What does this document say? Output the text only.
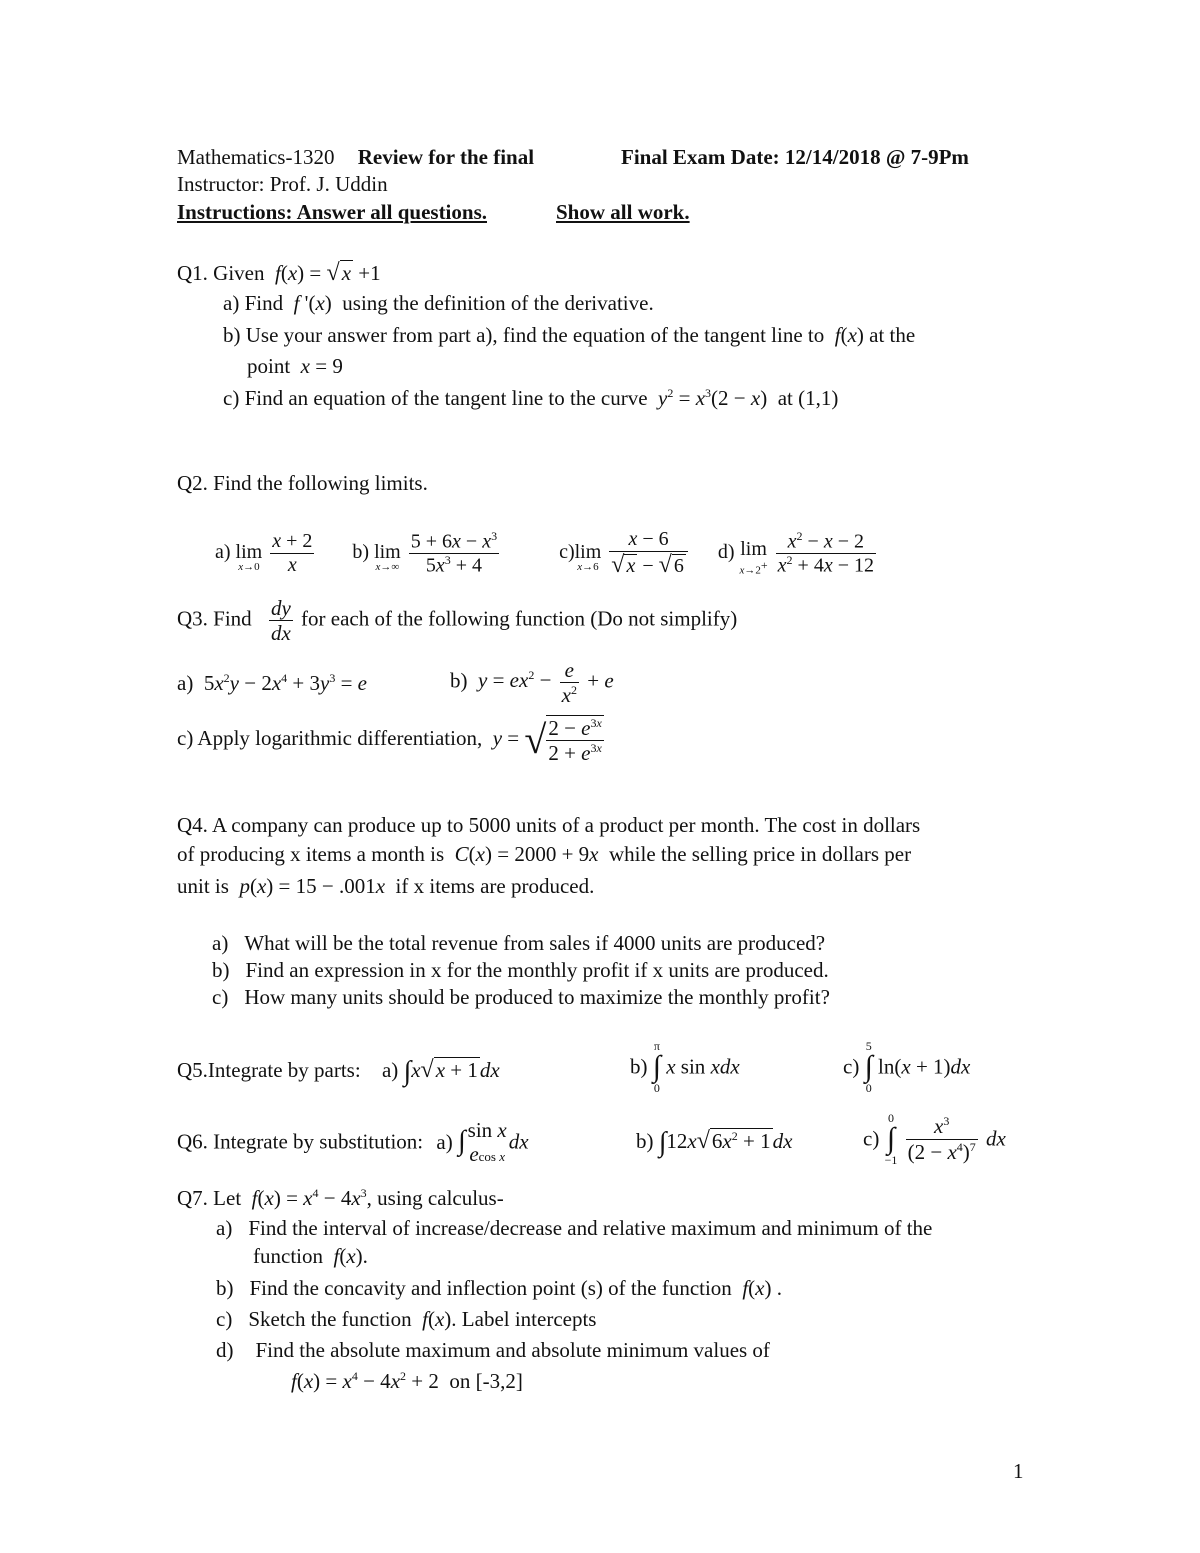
Mathematics-1320 Review for the final	Final Exam Date: 12/14/2018 @ 7-9Pm
Instructor: Prof. J. Uddin
Instructions: Answer all questions.	Show all work.
Q1. Given f(x) = √x +1
a) Find f '(x)  using the definition of the derivative.
b) Use your answer from part a), find the equation of the tangent line to f(x) at the
point x = 9
c) Find an equation of the tangent line to the curve $y^2 = x^3(2 - x)$  at (1,1)
Q2. Find the following limits.
a) lim
x→0
$\frac{x + 2}{x} b$) lim
x→∞
$\frac{5 + 6x - x^3}{5x^3 + 4}$	c) lim
x→6
$\frac{x - 6}{√ x - √ 6} d$) lim
x→2+
$\frac{x^2 - x - 2}{x^2 + 4x - 12}$
Q3. Find $\frac{dy}{dx}$ for each of the following function (Do not simplify)
a)  $5x^2y - 2x^4 + 3y^3 = e$	b) $y = ex^2 - \frac{e}{x^2} + e$
c) Apply logarithmic differentiation, y = √ $\frac{2 - e^{3x}}{2 + e^{3x}}$
Q4. A company can produce up to 5000 units of a product per month. The cost in dollars
of producing x items a month is C(x) = 2000 + 9x while the selling price in dollars per
unit is p(x) = 15 − .001x if x items are produced.
a) What will be the total revenue from sales if 4000 units are produced?
b) Find an expression in x for the monthly profit if x units are produced.
c) How many units should be produced to maximize the monthly profit?
Q5.Integrate by parts: a) ∫x√x + 1dx	b)
π
∫
0
x sin xdx	c)
5
∫
0
ln(x + 1)dx
Q6. Integrate by substitution: a) ∫ sin x
ecos x
dx	b) $\int 12x√6x^2 + 1dx$	c)
0
∫
−1
$\frac{x^3}{(2 - x^4)^7}$ dx
Q7. Let $f(x) = x^4 - 4x^3$, using calculus-
a) Find the interval of increase/decrease and relative maximum and minimum of the
function f(x).
b) Find the concavity and inflection point (s) of the function f(x) .
c) Sketch the function f(x). Label intercepts
d) Find the absolute maximum and absolute minimum values of
$f(x) = x^4 - 4x^2 + 2$  on [-3,2]
1
